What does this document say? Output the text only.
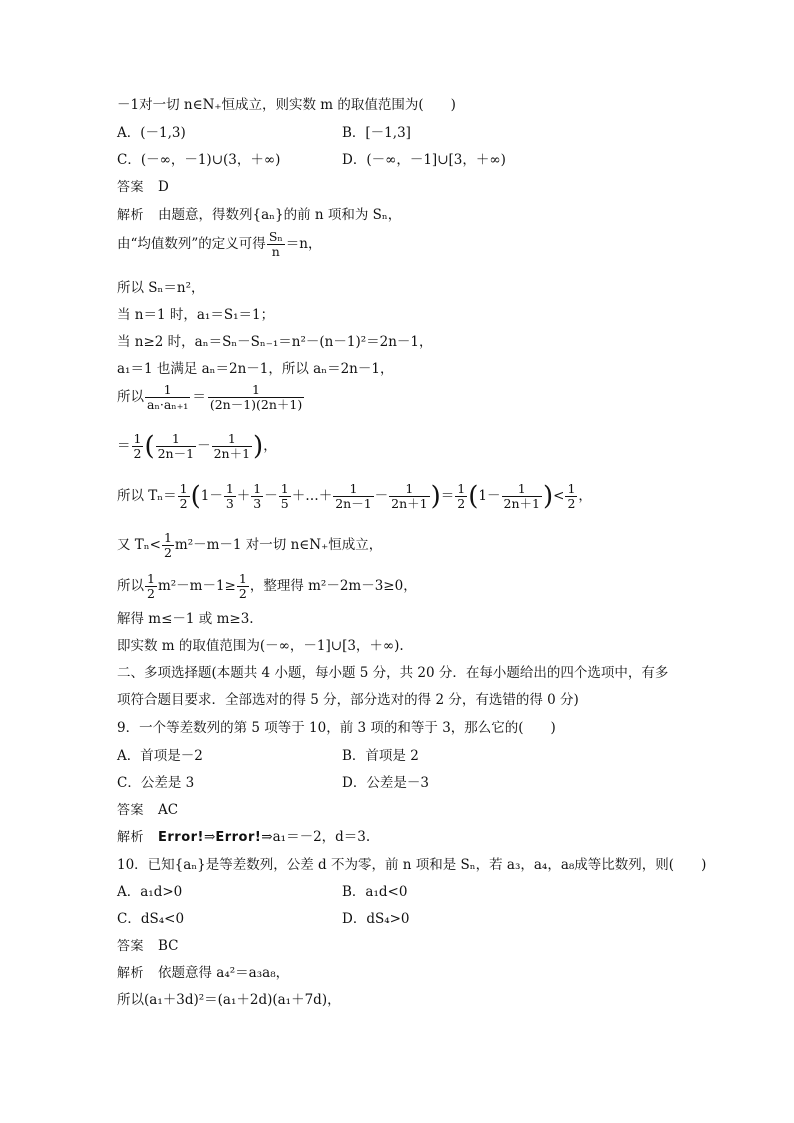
－1对一切 n∈N₊恒成立，则实数 m 的取值范围为(　　)
A．(－1,3)	B．[－1,3]
C．(－∞，－1)∪(3，＋∞)	D．(－∞，－1]∪[3，＋∞)
答案 D
解析 由题意，得数列{aₙ}的前 n 项和为 Sₙ，
由“均值数列”的定义可得 $\frac{\text{Sₙ}}{n} =n$，
所以 Sₙ＝n²，
当 n＝1 时，a₁＝S₁＝1；
当 n≥2 时，aₙ＝Sₙ－Sₙ₋₁＝n²－(n－1)²＝2n－1，
a₁＝1 也满足 aₙ＝2n－1，所以 aₙ＝2n－1，
所以 $\frac{1}{\text{aₙ·aₙ₊₁}} = \frac{1}{(2n-1)(2n+1)}$
＝ $\frac{1}{2}$ ( $\frac{1}{2n-1} - \frac{1}{2n+1}$ )，
所以 $T_n= \frac{1}{2} (1- \frac{1}{3} + \frac{1}{3} - \frac{1}{5}$ ＋…＋ $\frac{1}{2n-1} - \frac{1}{2n+1}$ )＝ $\frac{1}{2} (1- \frac{1}{2n+1}$ )< $\frac{1}{2}$ ，
又 $T_n< \frac{1}{2} m^2-m-1$ 对一切 n∈N₊恒成立，
所以 $\frac{1}{2} m^2-m-1\ge \frac{1}{2}$ ，整理得 m²－2m－3≥0，
解得 m≤－1 或 m≥3.
即实数 m 的取值范围为(－∞，－1]∪[3，＋∞).
二、多项选择题(本题共 4 小题，每小题 5 分，共 20 分．在每小题给出的四个选项中，有多
项符合题目要求．全部选对的得 5 分，部分选对的得 2 分，有选错的得 0 分)
9．一个等差数列的第 5 项等于 10，前 3 项的和等于 3，那么它的(　　)
A．首项是－2	B．首项是 2
C．公差是 3	D．公差是－3
答案 AC
解析 Error!⇒Error!⇒a₁＝－2，d＝3.
10．已知{aₙ}是等差数列，公差 d 不为零，前 n 项和是 Sₙ，若 a₃，a₄，a₈成等比数列，则(　　)
A．a₁d>0	B．a₁d<0
C．dS₄<0	D．dS₄>0
答案 BC
解析 依题意得 a₄²＝a₃a₈，
所以(a₁＋3d)²＝(a₁＋2d)(a₁＋7d)，
